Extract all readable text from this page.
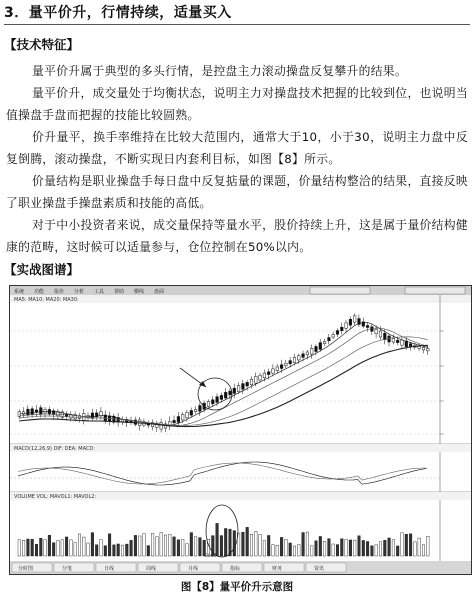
3．量平价升，行情持续，适量买入
【技术特征】
量平价升属于典型的多头行情，是控盘主力滚动操盘反复攀升的结果。
量平价升，成交量处于均衡状态，说明主力对操盘技术把握的比较到位，也说明当值操盘手盘而把握的技能比较圆熟。
价升量平，换手率维持在比较大范围内，通常大于10，小于30，说明主力盘中反复倒腾，滚动操盘，不断实现日内套利目标，如图【8】所示。
价量结构是职业操盘手每日盘中反复掂量的课题，价量结构整洽的结果，直接反映了职业操盘手操盘素质和技能的高低。
对于中小投资者来说，成交量保持等量水平，股价持续上升，这是属于量价结构健康的范畴，这时候可以适量参与，仓位控制在50%以内。
【实战图谱】
系统 功能 报价 分析 工具 帮助 横线 盘面
MA5: MA10: MA20: MA30:
MACD(12,26,9) DIF: DEA: MACD:
VOLUME VOL: MAVOL1: MAVOL2:
2008
分时图	分笔	日线	周线	月线	指标	财务	资讯
图【8】量平价升示意图
